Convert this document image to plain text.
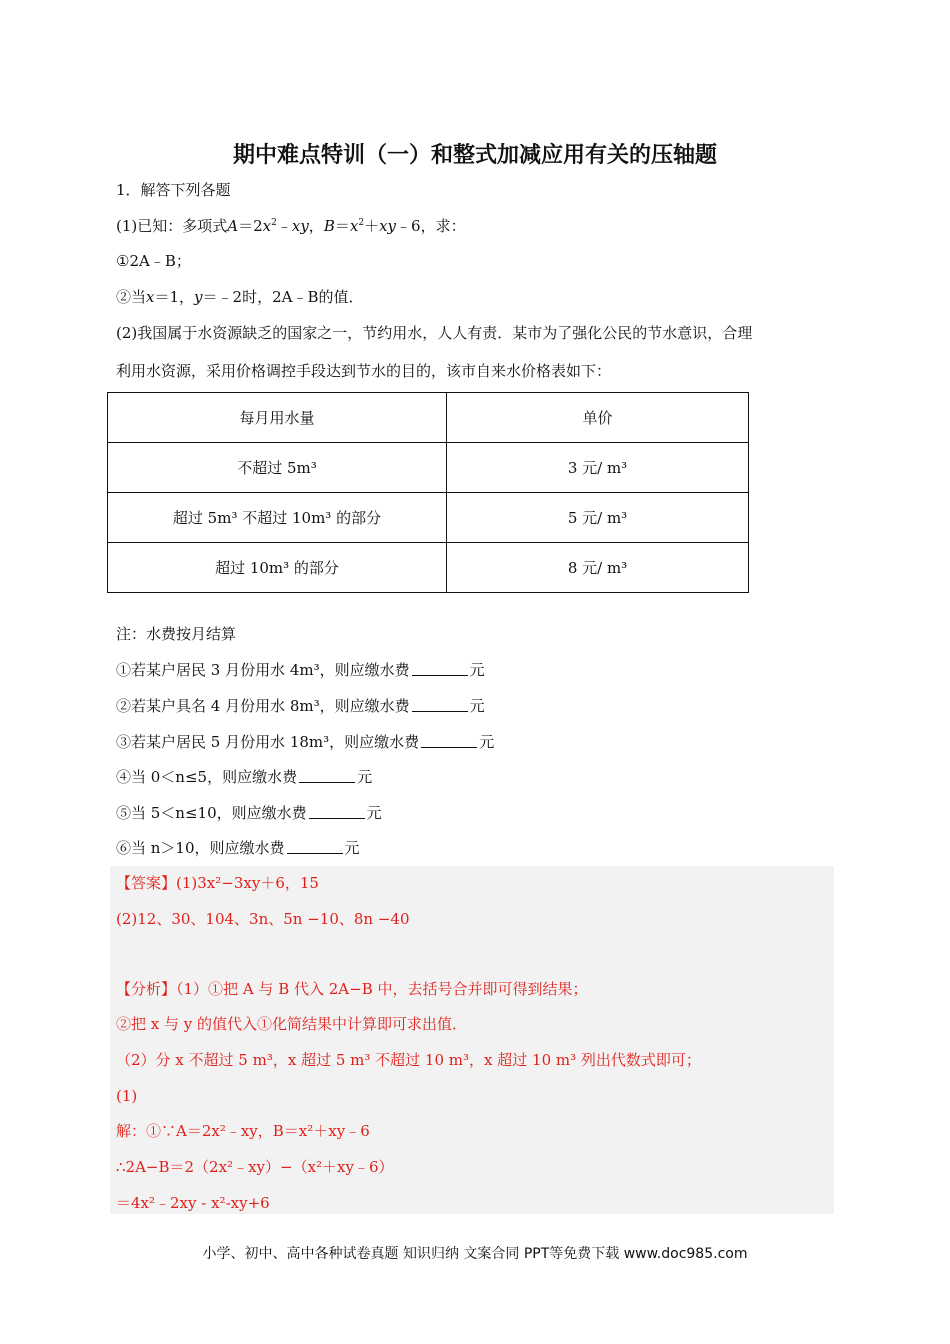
期中难点特训（一）和整式加减应用有关的压轴题
1．解答下列各题
(1)已知：多项式$A=2x^2﹣xy$，$B=x^2+xy﹣6$，求：
①2A﹣B；
②当x＝1，y＝﹣2时，2A﹣B的值．
(2)我国属于水资源缺乏的国家之一，节约用水，人人有责．某市为了强化公民的节水意识，合理
利用水资源，采用价格调控手段达到节水的目的，该市自来水价格表如下：
每月用水量	单价
不超过 5m³	3 元/ m³
超过 5m³ 不超过 10m³ 的部分	5 元/ m³
超过 10m³ 的部分	8 元/ m³
注：水费按月结算
①若某户居民 3 月份用水 4m³，则应缴水费	元
②若某户具名 4 月份用水 8m³，则应缴水费	元
③若某户居民 5 月份用水 18m³，则应缴水费	元
④当 0＜n≤5，则应缴水费	元
⑤当 5＜n≤10，则应缴水费	元
⑥当 n＞10，则应缴水费	元
【答案】(1)3x²−3xy＋6，15
(2)12、30、104、3n、5n −10、8n −40
【分析】（1）①把 A 与 B 代入 2A−B 中，去括号合并即可得到结果；
②把 x 与 y 的值代入①化简结果中计算即可求出值．
（2）分 x 不超过 5 m³，x 超过 5 m³ 不超过 10 m³，x 超过 10 m³ 列出代数式即可；
(1)
解：①∵A＝2x²﹣xy，B＝x²＋xy﹣6
∴2A−B＝2（2x²﹣xy）−（x²＋xy﹣6）
＝4x²﹣2xy - x²-xy+6
小学、初中、高中各种试卷真题 知识归纳 文案合同 PPT等免费下载 www.doc985.com
